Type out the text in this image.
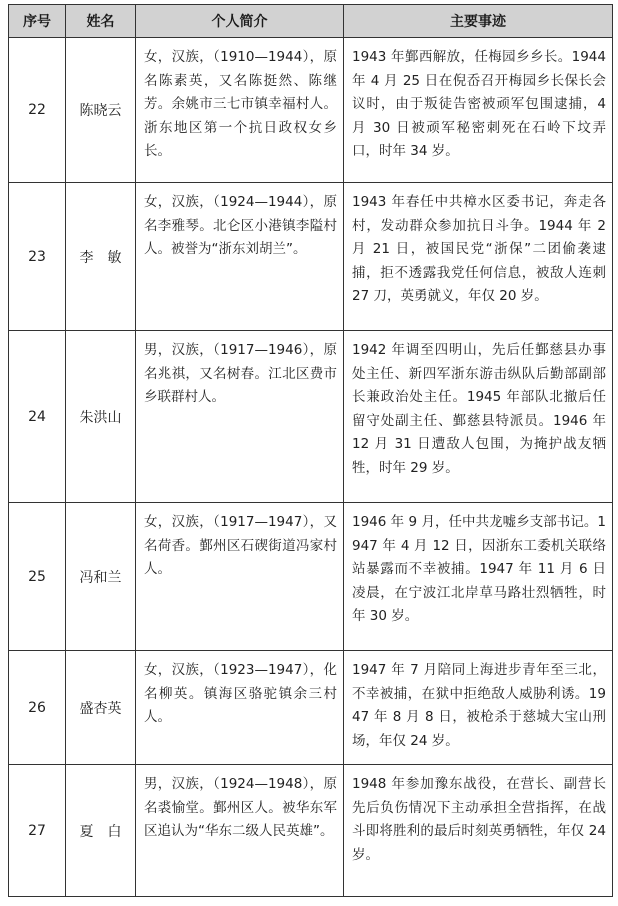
序号	姓名	个人简介	主要事迹
22	陈晓云	女，汉族，（1910—1944），原名陈素英，又名陈挺然、陈继芳。余姚市三七市镇幸福村人。浙东地区第一个抗日政权女乡长。	1943 年鄞西解放，任梅园乡乡长。1944 年 4 月 25 日在倪岙召开梅园乡长保长会议时，由于叛徒告密被顽军包围逮捕，4 月 30 日被顽军秘密刺死在石岭下坟弄口，时年 34 岁。
23	李　敏	女，汉族，（1924—1944），原名李雅琴。北仑区小港镇李隘村人。被誉为“浙东刘胡兰”。	1943 年春任中共樟水区委书记，奔走各村，发动群众参加抗日斗争。1944 年 2 月 21 日，被国民党“浙保”二团偷袭逮捕，拒不透露我党任何信息，被敌人连刺 27 刀，英勇就义，年仅 20 岁。
24	朱洪山	男，汉族，（1917—1946），原名兆祺，又名树春。江北区费市乡联群村人。	1942 年调至四明山，先后任鄞慈县办事处主任、新四军浙东游击纵队后勤部副部长兼政治处主任。1945 年部队北撤后任留守处副主任、鄞慈县特派员。1946 年 12 月 31 日遭敌人包围，为掩护战友牺牲，时年 29 岁。
25	冯和兰	女，汉族，（1917—1947），又名荷香。鄞州区石碶街道冯家村人。	1946 年 9 月，任中共龙嘘乡支部书记。1947 年 4 月 12 日，因浙东工委机关联络站暴露而不幸被捕。1947 年 11 月 6 日凌晨，在宁波江北岸草马路壮烈牺牲，时年 30 岁。
26	盛杏英	女，汉族，（1923—1947），化名柳英。镇海区骆驼镇余三村人。	1947 年 7 月陪同上海进步青年至三北，不幸被捕，在狱中拒绝敌人威胁利诱。1947 年 8 月 8 日，被枪杀于慈城大宝山刑场，年仅 24 岁。
27	夏　白	男，汉族，（1924—1948），原名裘愉堂。鄞州区人。被华东军区追认为“华东二级人民英雄”。	1948 年参加豫东战役，在营长、副营长先后负伤情况下主动承担全营指挥，在战斗即将胜利的最后时刻英勇牺牲，年仅 24 岁。
